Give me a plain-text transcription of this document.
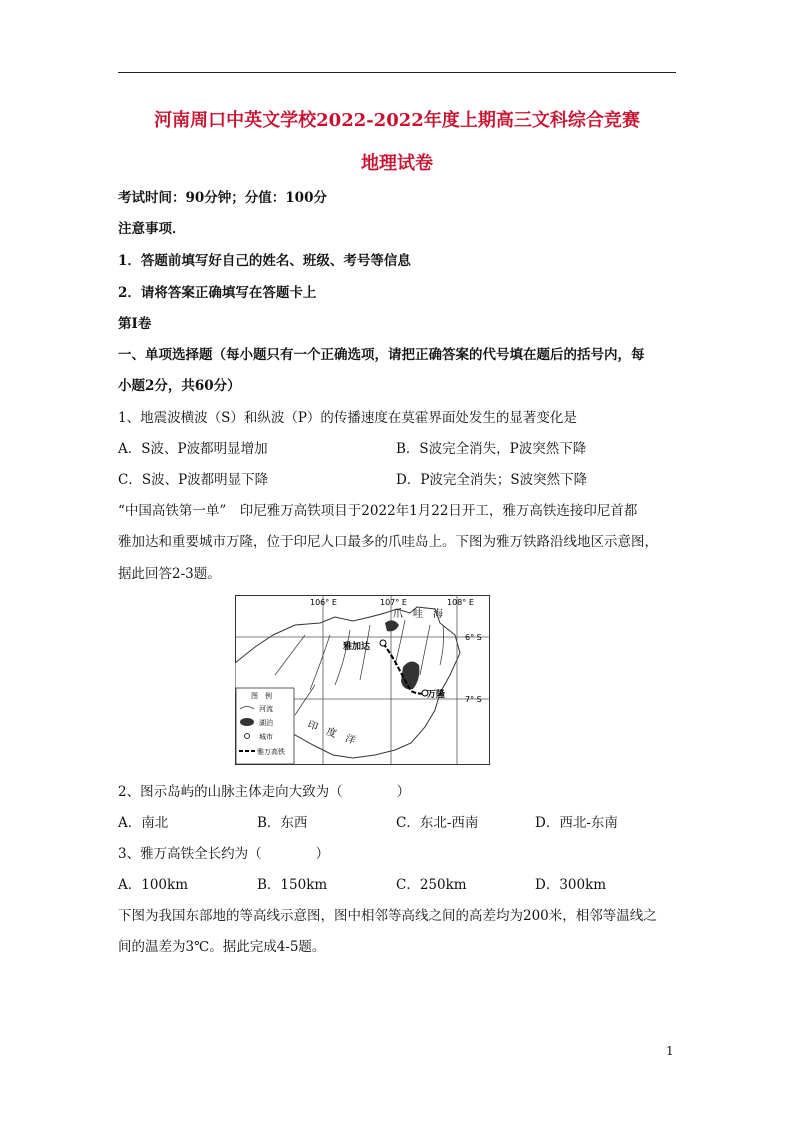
河南周口中英文学校2022-2022年度上期高三文科综合竞赛
地理试卷
考试时间：90分钟；分值：100分
注意事项．
1．答题前填写好自己的姓名、班级、考号等信息
2．请将答案正确填写在答题卡上
第I卷
一、单项选择题（每小题只有一个正确选项，请把正确答案的代号填在题后的括号内，每
小题2分，共60分）
1、地震波横波（S）和纵波（P）的传播速度在莫霍界面处发生的显著变化是
A．S波、P波都明显增加	B．S波完全消失，P波突然下降
C．S波、P波都明显下降	D．P波完全消失；S波突然下降
“中国高铁第一单”　印尼雅万高铁项目于2022年1月22日开工，雅万高铁连接印尼首都
雅加达和重要城市万隆，位于印尼人口最多的爪哇岛上。下图为雅万铁路沿线地区示意图，
据此回答2-3题。
106° E	107° E	108° E
6° S
7° S
爪　哇　海
印　度　洋
雅加达
万隆
图　例
河流
湖泊
城市
雅万高铁
2、图示岛屿的山脉主体走向大致为（　　　　）
A．南北	B．东西	C．东北-西南	D．西北-东南
3、雅万高铁全长约为（　　　　）
A．100km	B．150km	C．250km	D．300km
下图为我国东部地的等高线示意图，图中相邻等高线之间的高差均为200米，相邻等温线之
间的温差为3℃。据此完成4-5题。
1
